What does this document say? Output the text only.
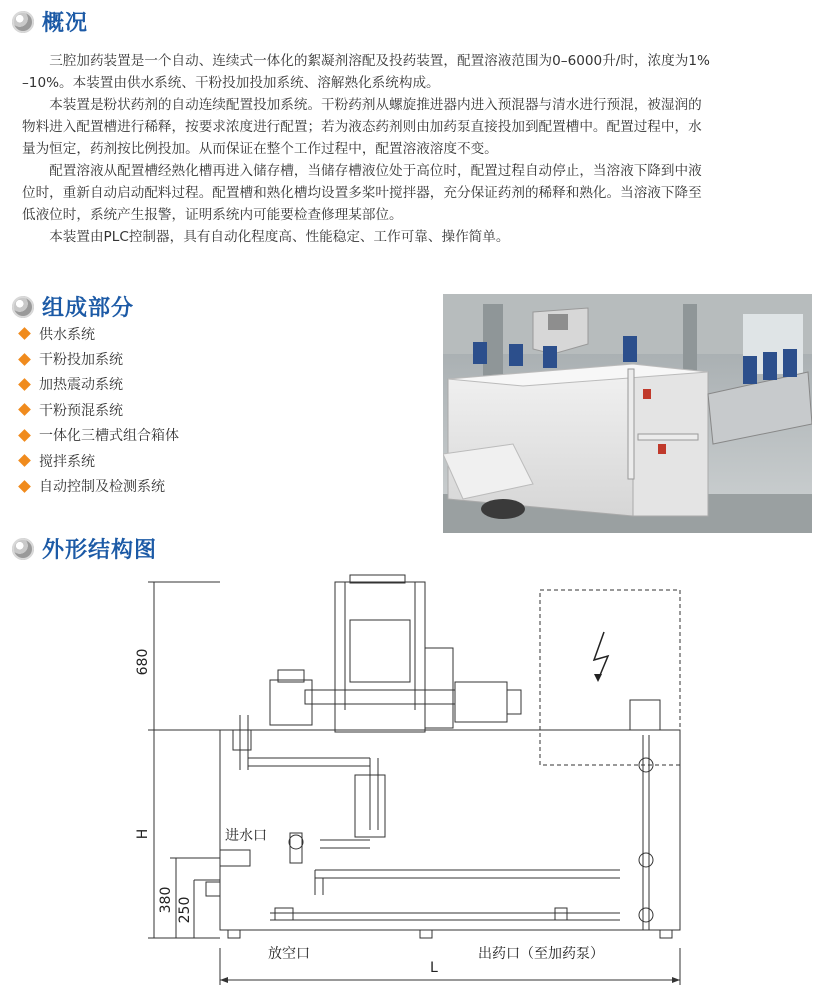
概况

三腔加药装置是一个自动、连续式一体化的絮凝剂溶配及投药装置，配置溶液范围为0–6000升/时，浓度为1%

–10%。本装置由供水系统、干粉投加投加系统、溶解熟化系统构成。

本装置是粉状药剂的自动连续配置投加系统。干粉药剂从螺旋推进器内进入预混器与清水进行预混，被湿润的

物料进入配置槽进行稀释，按要求浓度进行配置；若为液态药剂则由加药泵直接投加到配置槽中。配置过程中，水

量为恒定，药剂按比例投加。从而保证在整个工作过程中，配置溶液溶度不变。

配置溶液从配置槽经熟化槽再进入储存槽，当储存槽液位处于高位时，配置过程自动停止，当溶液下降到中液

位时，重新自动启动配料过程。配置槽和熟化槽均设置多桨叶搅拌器，充分保证药剂的稀释和熟化。当溶液下降至

低液位时，系统产生报警，证明系统内可能要检查修理某部位。

本装置由PLC控制器，具有自动化程度高、性能稳定、工作可靠、操作简单。

组成部分
供水系统
干粉投加系统
加热震动系统
干粉预混系统
一体化三槽式组合箱体
搅拌系统
自动控制及检测系统
外形结构图
680
H
380 250
进水口
放空口	出药口（至加药泵）
L
